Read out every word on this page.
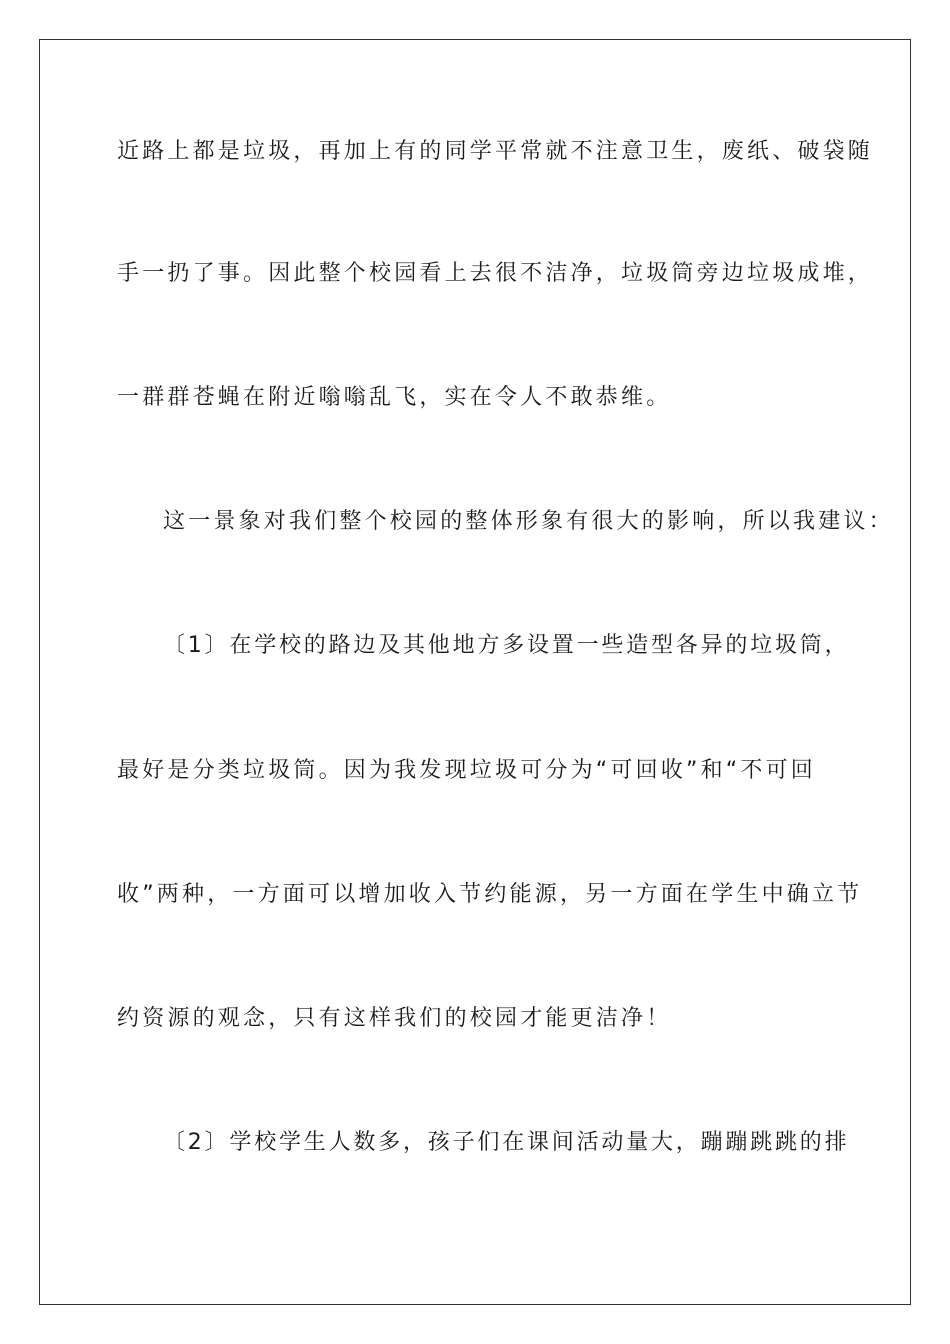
近路上都是垃圾，再加上有的同学平常就不注意卫生，废纸、破袋随
手一扔了事。因此整个校园看上去很不洁净，垃圾筒旁边垃圾成堆，
一群群苍蝇在附近嗡嗡乱飞，实在令人不敢恭维。
这一景象对我们整个校园的整体形象有很大的影响，所以我建议：
〔1〕在学校的路边及其他地方多设置一些造型各异的垃圾筒，
最好是分类垃圾筒。因为我发现垃圾可分为“可回收”和“不可回
收”两种，一方面可以增加收入节约能源，另一方面在学生中确立节
约资源的观念，只有这样我们的校园才能更洁净！
〔2〕学校学生人数多，孩子们在课间活动量大，蹦蹦跳跳的排
